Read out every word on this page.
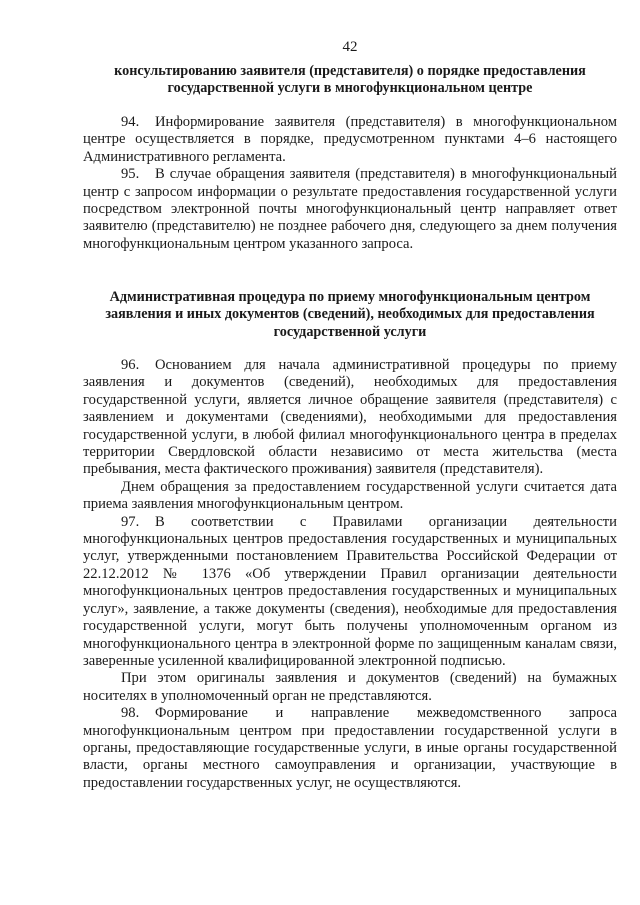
42

консультированию заявителя (представителя) о порядке предоставления государственной услуги в многофункциональном центре

94. Информирование заявителя (представителя) в многофункциональном центре осуществляется в порядке, предусмотренном пунктами 4–6 настоящего Административного регламента.

95. В случае обращения заявителя (представителя) в многофункциональный центр с запросом информации о результате предоставления государственной услуги посредством электронной почты многофункциональный центр направляет ответ заявителю (представителю) не позднее рабочего дня, следующего за днем получения многофункциональным центром указанного запроса.

Административная процедура по приему многофункциональным центром заявления и иных документов (сведений), необходимых для предоставления государственной услуги

96. Основанием для начала административной процедуры по приему заявления и документов (сведений), необходимых для предоставления государственной услуги, является личное обращение заявителя (представителя) с заявлением и документами (сведениями), необходимыми для предоставления государственной услуги, в любой филиал многофункционального центра в пределах территории Свердловской области независимо от места жительства (места пребывания, места фактического проживания) заявителя (представителя).

Днем обращения за предоставлением государственной услуги считается дата приема заявления многофункциональным центром.

97. В соответствии с Правилами организации деятельности многофункциональных центров предоставления государственных и муниципальных услуг, утвержденными постановлением Правительства Российской Федерации от 22.12.2012 № 1376 «Об утверждении Правил организации деятельности многофункциональных центров предоставления государственных и муниципальных услуг», заявление, а также документы (сведения), необходимые для предоставления государственной услуги, могут быть получены уполномоченным органом из многофункционального центра в электронной форме по защищенным каналам связи, заверенные усиленной квалифицированной электронной подписью.

При этом оригиналы заявления и документов (сведений) на бумажных носителях в уполномоченный орган не представляются.

98. Формирование и направление межведомственного запроса многофункциональным центром при предоставлении государственной услуги в органы, предоставляющие государственные услуги, в иные органы государственной власти, органы местного самоуправления и организации, участвующие в предоставлении государственных услуг, не осуществляются.
